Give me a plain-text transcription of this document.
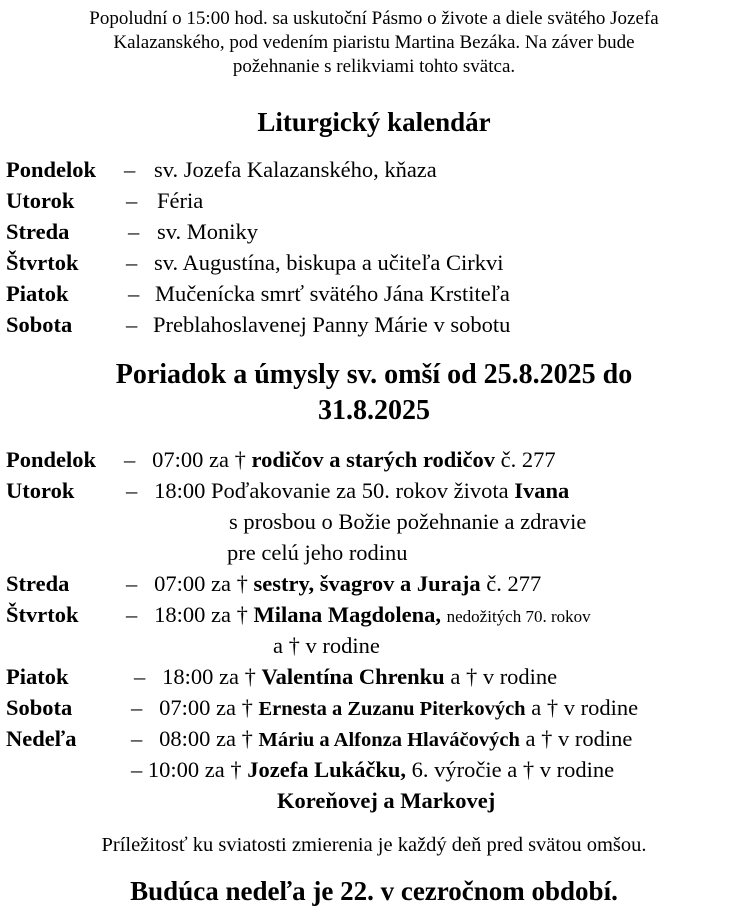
Popoludní o 15:00 hod. sa uskutoční Pásmo o živote a diele svätého Jozefa
Kalazanského, pod vedením piaristu Martina Bezáka. Na záver bude
požehnanie s relikviami tohto svätca.
Liturgický kalendár
Pondelok – sv. Jozefa Kalazanského, kňaza
Utorok – Féria
Streda	– sv. Moniky
Štvrtok – sv. Augustína, biskupa a učiteľa Cirkvi
Piatok	– Mučenícka smrť svätého Jána Krstiteľa
Sobota – Preblahoslavenej Panny Márie v sobotu
Poriadok a úmysly sv. omší od 25.8.2025 do
31.8.2025
Pondelok – 07:00 za † rodičov a starých rodičov č. 277
Utorok – 18:00 Poďakovanie za 50. rokov života Ivana
s prosbou o Božie požehnanie a zdravie
pre celú jeho rodinu
Streda	– 07:00 za † sestry, švagrov a Juraja č. 277
Štvrtok – 18:00 za † Milana Magdolena, nedožitých 70. rokov
a † v rodine
Piatok	– 18:00 za † Valentína Chrenku a † v rodine
Sobota	– 07:00 za † Ernesta a Zuzanu Piterkových a † v rodine
Nedeľa – 08:00 za † Máriu a Alfonza Hlaváčových a † v rodine
– 10:00 za † Jozefa Lukáčku, 6. výročie a † v rodine
Koreňovej a Markovej
Príležitosť ku sviatosti zmierenia je každý deň pred svätou omšou.
Budúca nedeľa je 22. v cezročnom období.
